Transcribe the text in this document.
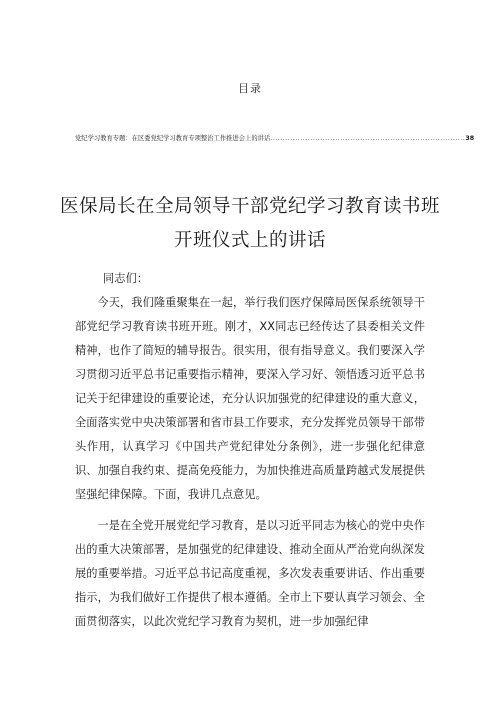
目录
党纪学习教育专题：在区委党纪学习教育专项整治工作推进会上的讲话 .............................................................................. 38
医保局长在全局领导干部党纪学习教育读书班开班仪式上的讲话
同志们：
今天，我们隆重聚集在一起，举行我们医疗保障局医保系统领导干部党纪学习教育读书班开班。刚才，XX同志已经传达了县委相关文件精神，也作了简短的辅导报告。很实用，很有指导意义。我们要深入学习贯彻习近平总书记重要指示精神，要深入学习好、领悟透习近平总书记关于纪律建设的重要论述，充分认识加强党的纪律建设的重大意义，全面落实党中央决策部署和省市县工作要求，充分发挥党员领导干部带头作用，认真学习《中国共产党纪律处分条例》，进一步强化纪律意识、加强自我约束、提高免疫能力，为加快推进高质量跨越式发展提供坚强纪律保障。下面，我讲几点意见。
一是在全党开展党纪学习教育，是以习近平同志为核心的党中央作出的重大决策部署，是加强党的纪律建设、推动全面从严治党向纵深发展的重要举措。习近平总书记高度重视，多次发表重要讲话、作出重要指示，为我们做好工作提供了根本遵循。全市上下要认真学习领会、全面贯彻落实，以此次党纪学习教育为契机，进一步加强纪律
